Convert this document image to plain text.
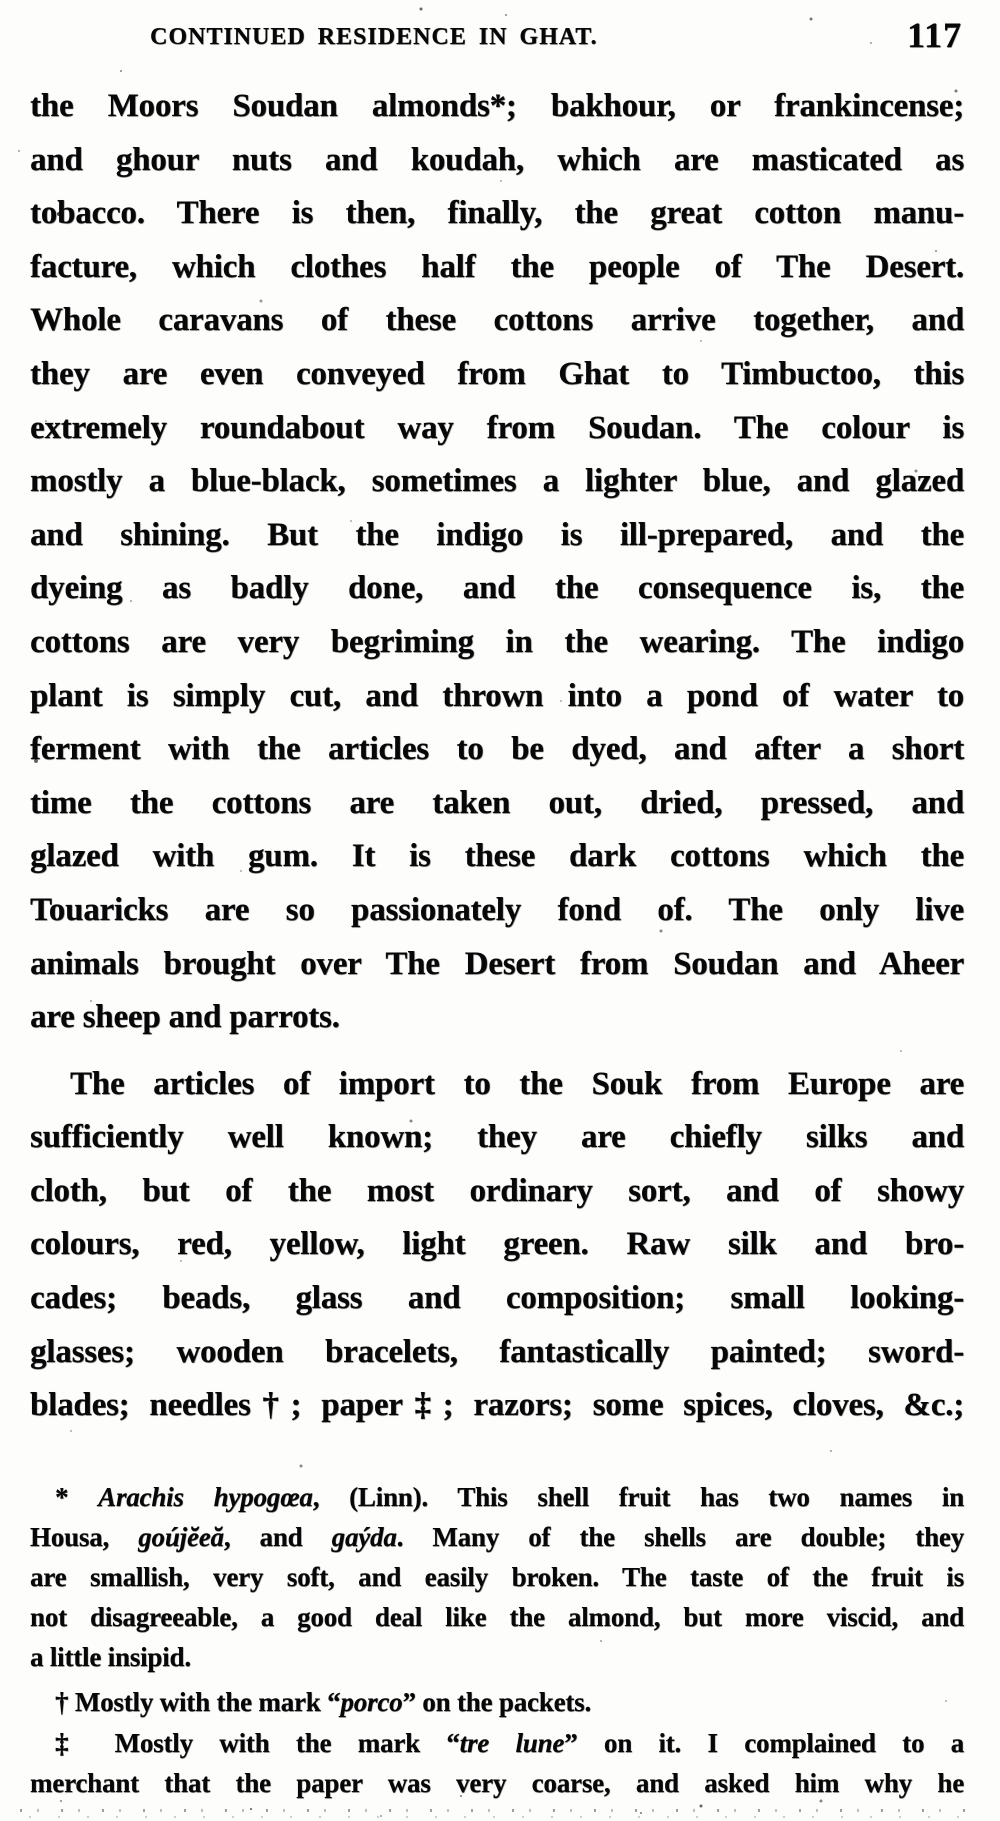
CONTINUED RESIDENCE IN GHAT.	117
the Moors Soudan almonds*; bakhour, or frankincense;
and ghour nuts and koudah, which are masticated as
tobacco. There is then, finally, the great cotton manu-
facture, which clothes half the people of The Desert.
Whole caravans of these cottons arrive together, and
they are even conveyed from Ghat to Timbuctoo, this
extremely roundabout way from Soudan. The colour is
mostly a blue-black, sometimes a lighter blue, and glazed
and shining. But the indigo is ill-prepared, and the
dyeing as badly done, and the consequence is, the
cottons are very begriming in the wearing. The indigo
plant is simply cut, and thrown into a pond of water to
ferment with the articles to be dyed, and after a short
time the cottons are taken out, dried, pressed, and
glazed with gum. It is these dark cottons which the
Touaricks are so passionately fond of. The only live
animals brought over The Desert from Soudan and Aheer
are sheep and parrots.
The articles of import to the Souk from Europe are
sufficiently well known; they are chiefly silks and
cloth, but of the most ordinary sort, and of showy
colours, red, yellow, light green. Raw silk and bro-
cades; beads, glass and composition; small looking-
glasses; wooden bracelets, fantastically painted; sword-
blades; needles†; paper‡; razors; some spices, cloves, &c.;
* Arachis hypogœa, (Linn). This shell fruit has two names in
Housa, goújĕeă, and gaýda. Many of the shells are double; they
are smallish, very soft, and easily broken. The taste of the fruit is
not disagreeable, a good deal like the almond, but more viscid, and
a little insipid.
† Mostly with the mark “porco” on the packets.
‡ Mostly with the mark “tre lune” on it. I complained to a
merchant that the paper was very coarse, and asked him why he
